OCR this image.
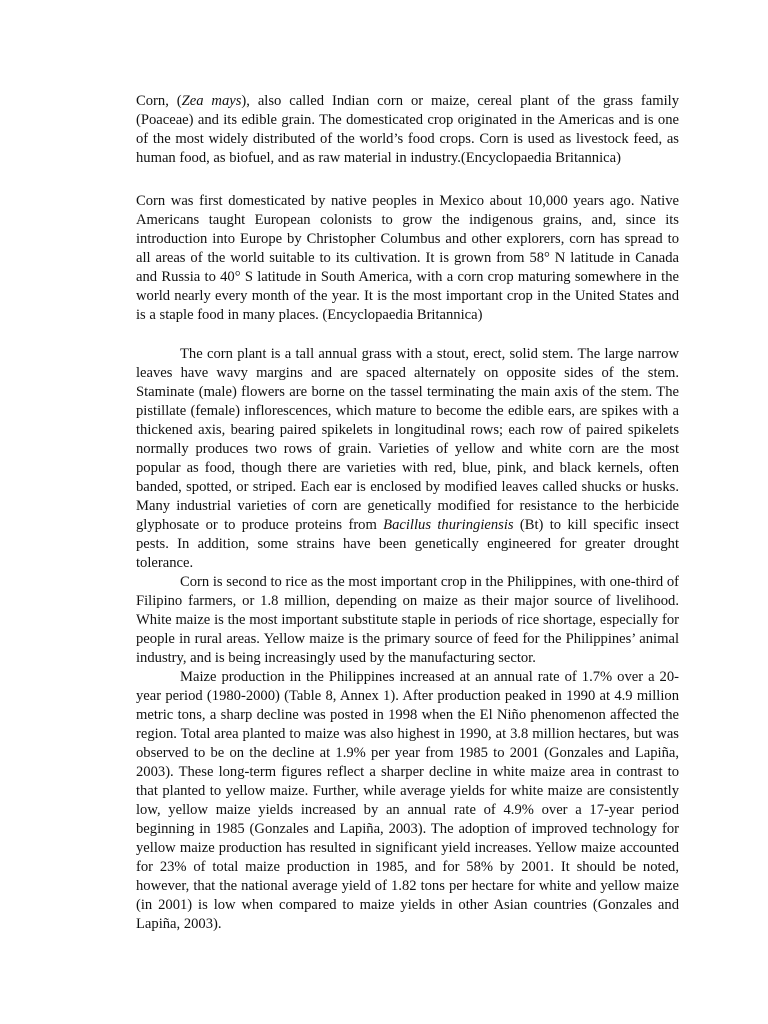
Corn, (Zea mays), also called Indian corn or maize, cereal plant of the grass family (Poaceae) and its edible grain. The domesticated crop originated in the Americas and is one of the most widely distributed of the world’s food crops. Corn is used as livestock feed, as human food, as biofuel, and as raw material in industry.(Encyclopaedia Britannica)

Corn was first domesticated by native peoples in Mexico about 10,000 years ago. Native Americans taught European colonists to grow the indigenous grains, and, since its introduction into Europe by Christopher Columbus and other explorers, corn has spread to all areas of the world suitable to its cultivation. It is grown from 58° N latitude in Canada and Russia to 40° S latitude in South America, with a corn crop maturing somewhere in the world nearly every month of the year. It is the most important crop in the United States and is a staple food in many places. (Encyclopaedia Britannica)

The corn plant is a tall annual grass with a stout, erect, solid stem. The large narrow leaves have wavy margins and are spaced alternately on opposite sides of the stem. Staminate (male) flowers are borne on the tassel terminating the main axis of the stem. The pistillate (female) inflorescences, which mature to become the edible ears, are spikes with a thickened axis, bearing paired spikelets in longitudinal rows; each row of paired spikelets normally produces two rows of grain. Varieties of yellow and white corn are the most popular as food, though there are varieties with red, blue, pink, and black kernels, often banded, spotted, or striped. Each ear is enclosed by modified leaves called shucks or husks. Many industrial varieties of corn are genetically modified for resistance to the herbicide glyphosate or to produce proteins from Bacillus thuringiensis (Bt) to kill specific insect pests. In addition, some strains have been genetically engineered for greater drought tolerance.

Corn is second to rice as the most important crop in the Philippines, with one-third of Filipino farmers, or 1.8 million, depending on maize as their major source of livelihood. White maize is the most important substitute staple in periods of rice shortage, especially for people in rural areas. Yellow maize is the primary source of feed for the Philippines’ animal industry, and is being increasingly used by the manufacturing sector.

Maize production in the Philippines increased at an annual rate of 1.7% over a 20-year period (1980-2000) (Table 8, Annex 1). After production peaked in 1990 at 4.9 million metric tons, a sharp decline was posted in 1998 when the El Niño phenomenon affected the region. Total area planted to maize was also highest in 1990, at 3.8 million hectares, but was observed to be on the decline at 1.9% per year from 1985 to 2001 (Gonzales and Lapiña, 2003). These long-term figures reflect a sharper decline in white maize area in contrast to that planted to yellow maize. Further, while average yields for white maize are consistently low, yellow maize yields increased by an annual rate of 4.9% over a 17-year period beginning in 1985 (Gonzales and Lapiña, 2003). The adoption of improved technology for yellow maize production has resulted in significant yield increases. Yellow maize accounted for 23% of total maize production in 1985, and for 58% by 2001. It should be noted, however, that the national average yield of 1.82 tons per hectare for white and yellow maize (in 2001) is low when compared to maize yields in other Asian countries (Gonzales and Lapiña, 2003).
